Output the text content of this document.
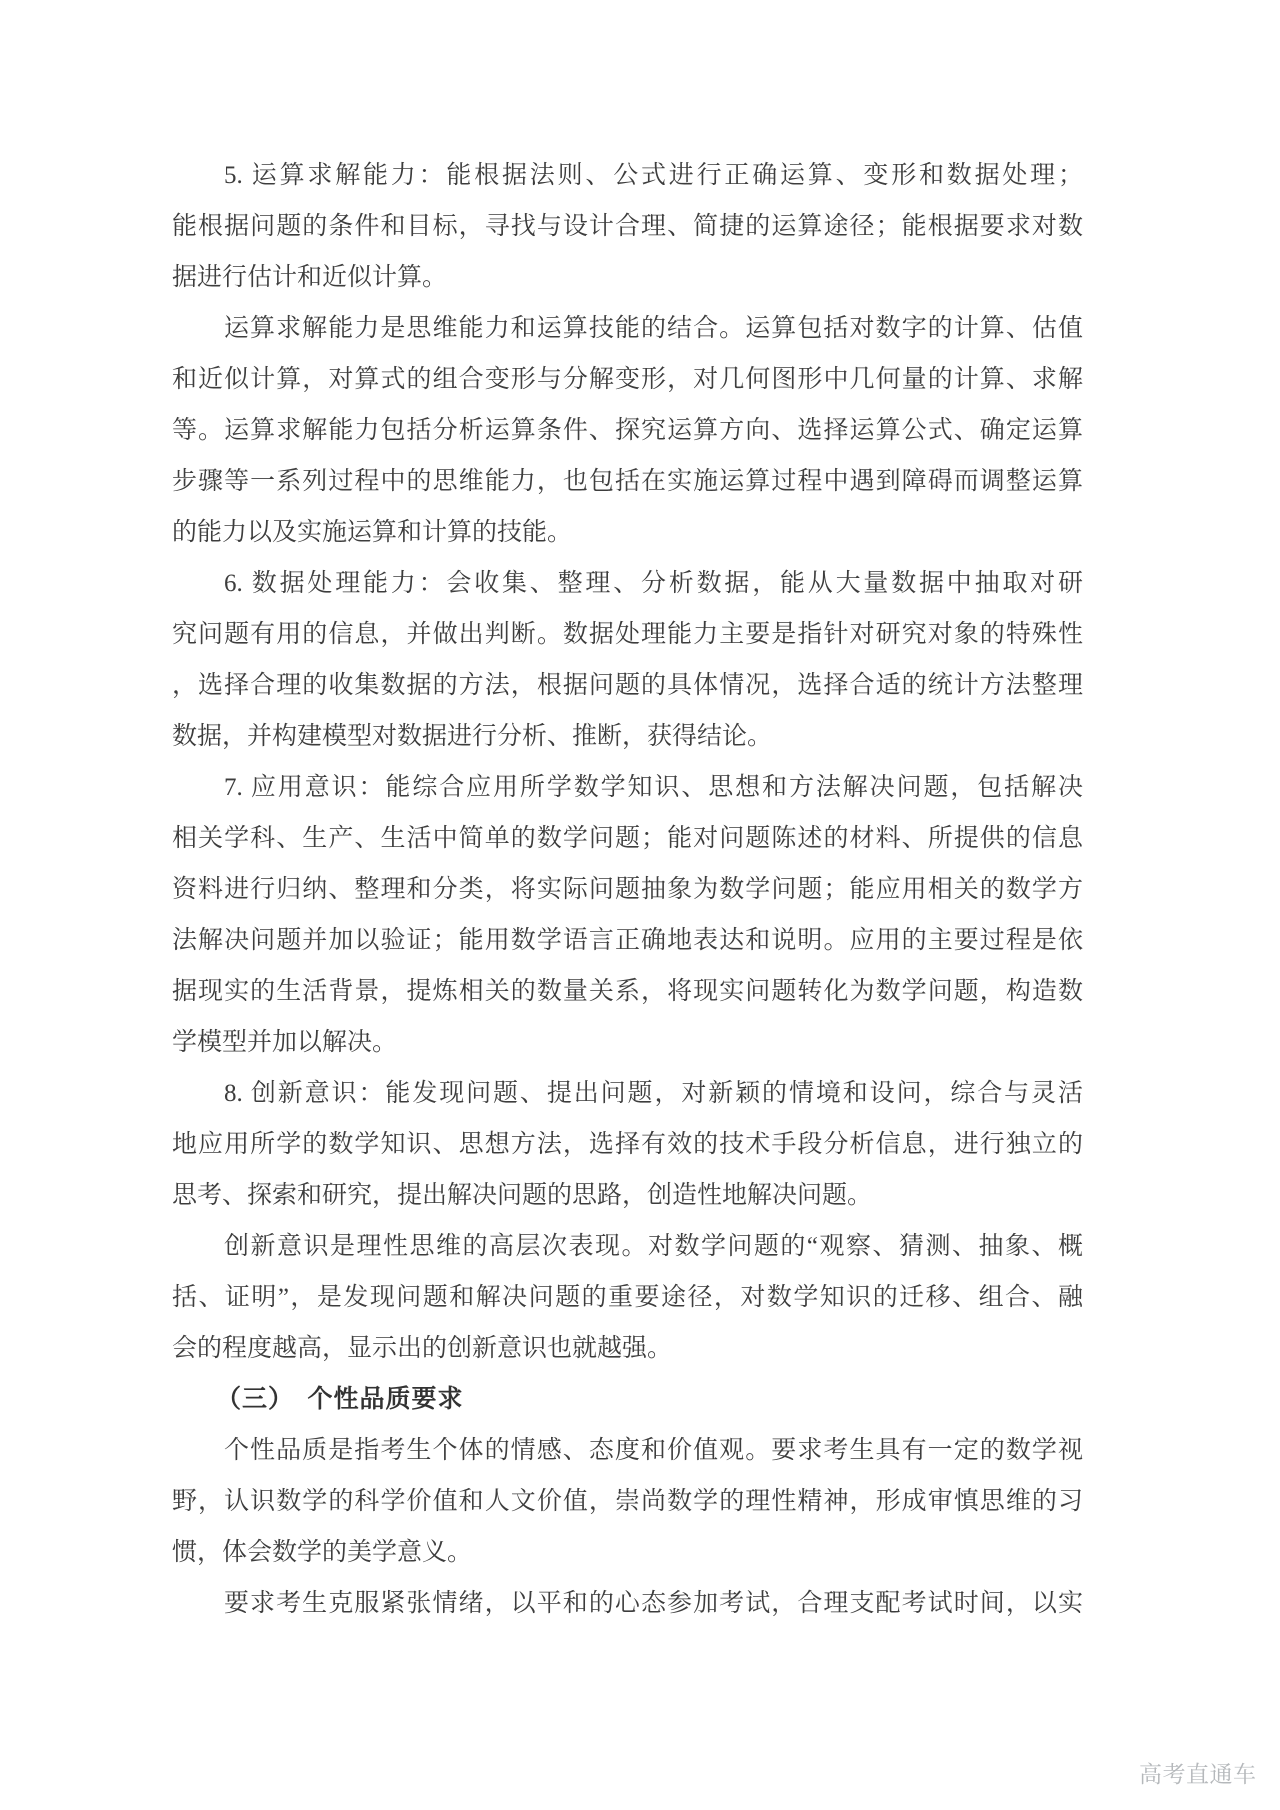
5. 运算求解能力：能根据法则、公式进行正确运算、变形和数据处理；
能根据问题的条件和目标，寻找与设计合理、简捷的运算途径；能根据要求对数
据进行估计和近似计算。

运算求解能力是思维能力和运算技能的结合。运算包括对数字的计算、估值
和近似计算，对算式的组合变形与分解变形，对几何图形中几何量的计算、求解
等。运算求解能力包括分析运算条件、探究运算方向、选择运算公式、确定运算
步骤等一系列过程中的思维能力，也包括在实施运算过程中遇到障碍而调整运算
的能力以及实施运算和计算的技能。

6. 数据处理能力：会收集、整理、分析数据，能从大量数据中抽取对研
究问题有用的信息，并做出判断。数据处理能力主要是指针对研究对象的特殊性
，选择合理的收集数据的方法，根据问题的具体情况，选择合适的统计方法整理
数据，并构建模型对数据进行分析、推断，获得结论。

7. 应用意识：能综合应用所学数学知识、思想和方法解决问题，包括解决
相关学科、生产、生活中简单的数学问题；能对问题陈述的材料、所提供的信息
资料进行归纳、整理和分类，将实际问题抽象为数学问题；能应用相关的数学方
法解决问题并加以验证；能用数学语言正确地表达和说明。应用的主要过程是依
据现实的生活背景，提炼相关的数量关系，将现实问题转化为数学问题，构造数
学模型并加以解决。

8. 创新意识：能发现问题、提出问题，对新颖的情境和设问，综合与灵活
地应用所学的数学知识、思想方法，选择有效的技术手段分析信息，进行独立的
思考、探索和研究，提出解决问题的思路，创造性地解决问题。

创新意识是理性思维的高层次表现。对数学问题的“观察、猜测、抽象、概
括、证明”，是发现问题和解决问题的重要途径，对数学知识的迁移、组合、融
会的程度越高，显示出的创新意识也就越强。

（三）　个性品质要求

个性品质是指考生个体的情感、态度和价值观。要求考生具有一定的数学视
野，认识数学的科学价值和人文价值，崇尚数学的理性精神，形成审慎思维的习
惯，体会数学的美学意义。

要求考生克服紧张情绪，以平和的心态参加考试，合理支配考试时间，以实

高考直通车
